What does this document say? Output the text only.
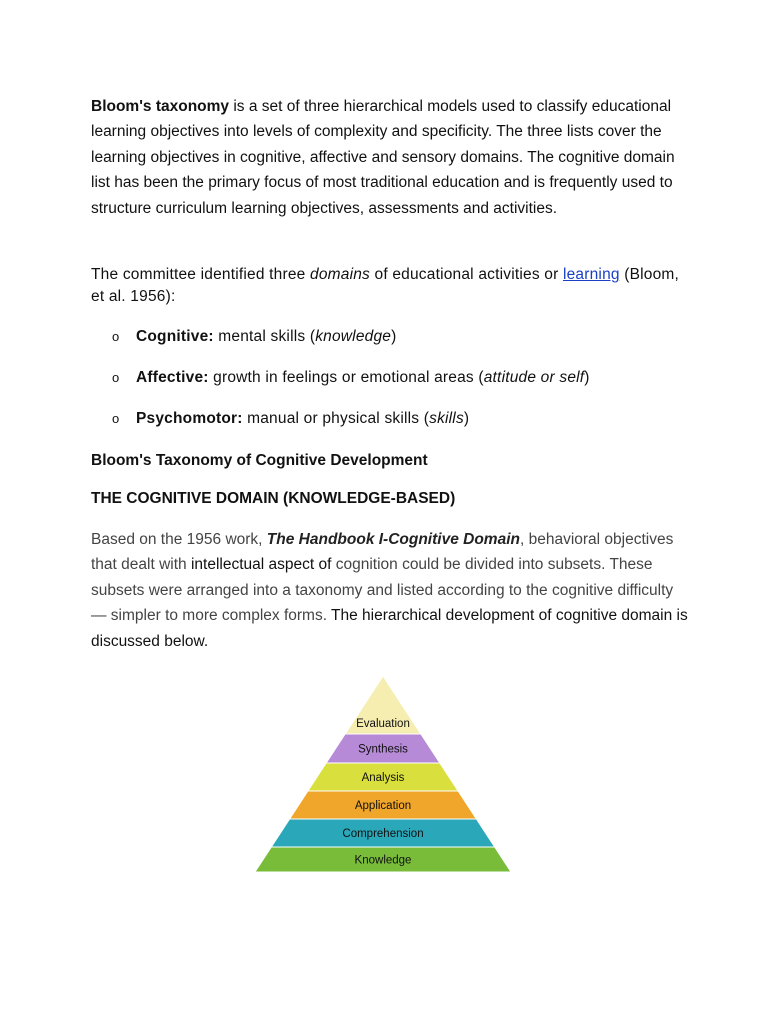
Bloom's taxonomy is a set of three hierarchical models used to classify educational learning objectives into levels of complexity and specificity. The three lists cover the learning objectives in cognitive, affective and sensory domains. The cognitive domain list has been the primary focus of most traditional education and is frequently used to structure curriculum learning objectives, assessments and activities.

The committee identified three domains of educational activities or learning (Bloom, et al. 1956):

o Cognitive: mental skills (knowledge)
o Affective: growth in feelings or emotional areas (attitude or self)
o Psychomotor: manual or physical skills (skills)
Bloom's Taxonomy of Cognitive Development
THE COGNITIVE DOMAIN (KNOWLEDGE-BASED)

Based on the 1956 work, The Handbook I-Cognitive Domain, behavioral objectives that dealt with intellectual aspect of cognition could be divided into subsets. These subsets were arranged into a taxonomy and listed according to the cognitive difficulty — simpler to more complex forms. The hierarchical development of cognitive domain is discussed below.

Evaluation
Synthesis
Analysis
Application
Comprehension
Knowledge
